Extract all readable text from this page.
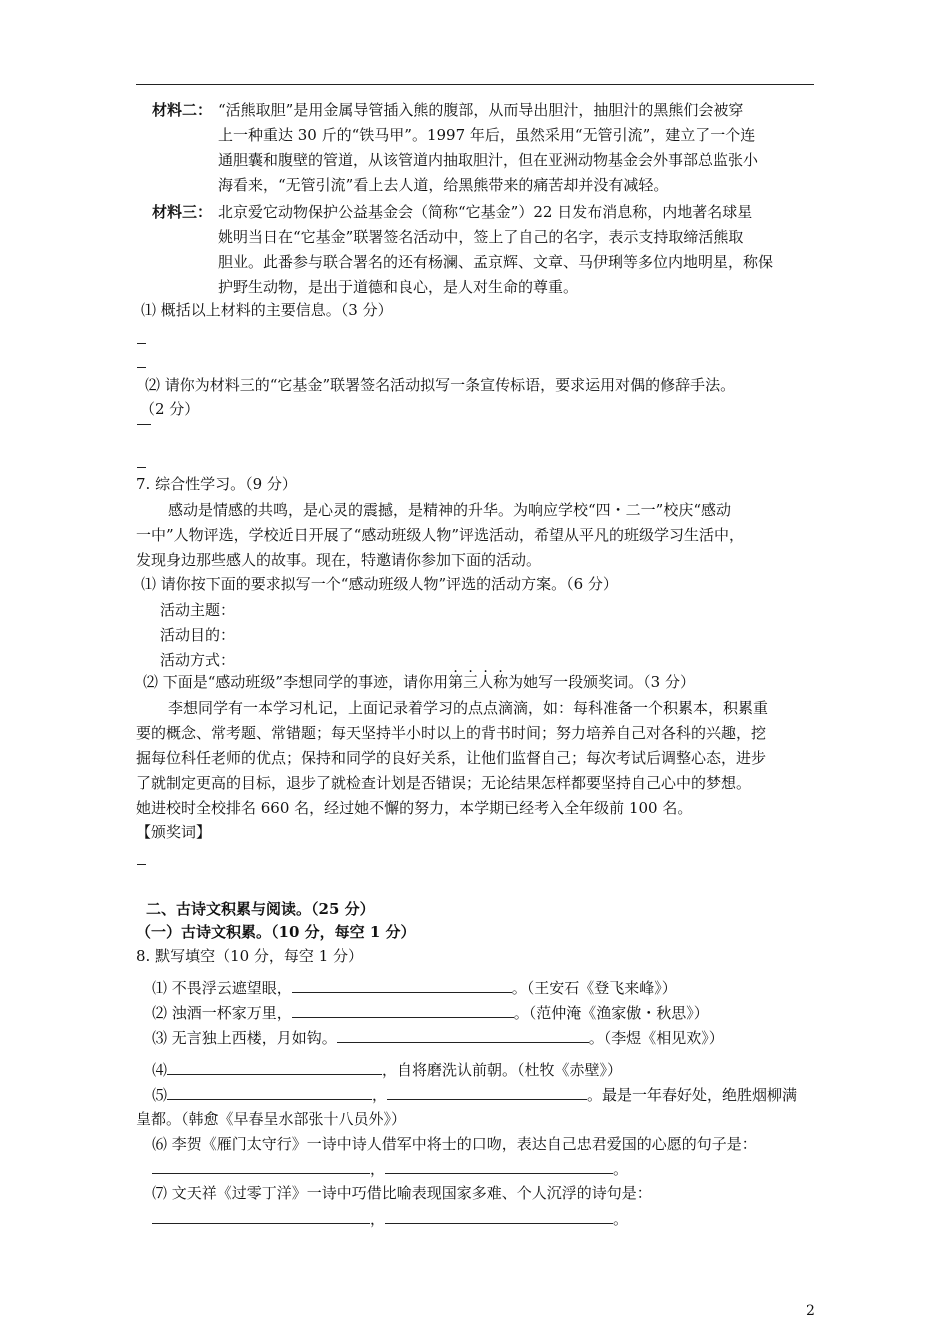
材料二： “活熊取胆”是用金属导管插入熊的腹部，从而导出胆汁，抽胆汁的黑熊们会被穿
上一种重达 30 斤的“铁马甲”。1997 年后，虽然采用“无管引流”，建立了一个连
通胆囊和腹壁的管道，从该管道内抽取胆汁，但在亚洲动物基金会外事部总监张小
海看来，“无管引流”看上去人道，给黑熊带来的痛苦却并没有减轻。
材料三： 北京爱它动物保护公益基金会（简称“它基金”）22 日发布消息称，内地著名球星
姚明当日在“它基金”联署签名活动中，签上了自己的名字，表示支持取缔活熊取
胆业。此番参与联合署名的还有杨澜、孟京辉、文章、马伊琍等多位内地明星，称保
护野生动物，是出于道德和良心，是人对生命的尊重。
⑴ 概括以上材料的主要信息。（3 分）
⑵ 请你为材料三的“它基金”联署签名活动拟写一条宣传标语，要求运用对偶的修辞手法。
（2 分）
7. 综合性学习。（9 分）
感动是情感的共鸣，是心灵的震撼，是精神的升华。为响应学校“四・二一”校庆“感动
一中”人物评选，学校近日开展了“感动班级人物”评选活动，希望从平凡的班级学习生活中，
发现身边那些感人的故事。现在，特邀请你参加下面的活动。
⑴ 请你按下面的要求拟写一个“感动班级人物”评选的活动方案。（6 分）
活动主题：
活动目的：
活动方式：
⑵ 下面是“感动班级”李想同学的事迹，请你用
第三人称为她写一段颁奖词。（3 分）
李想同学有一本学习札记，上面记录着学习的点点滴滴，如：每科准备一个积累本，积累重
要的概念、常考题、常错题；每天坚持半小时以上的背书时间；努力培养自己对各科的兴趣，挖
掘每位科任老师的优点；保持和同学的良好关系，让他们监督自己；每次考试后调整心态，进步
了就制定更高的目标，退步了就检查计划是否错误；无论结果怎样都要坚持自己心中的梦想。
她进校时全校排名 660 名，经过她不懈的努力，本学期已经考入全年级前 100 名。
【颁奖词】
二、古诗文积累与阅读。（25 分）
（一）古诗文积累。（10 分，每空 1 分）
8. 默写填空（10 分，每空 1 分）
⑴ 不畏浮云遮望眼，	。（王安石《登飞来峰》）
⑵ 浊酒一杯家万里，	。（范仲淹《渔家傲・秋思》）
⑶ 无言独上西楼，月如钩。	。（李煜《相见欢》）
⑷	，自将磨洗认前朝。（杜牧《赤壁》）
⑸	，	。最是一年春好处，绝胜烟柳满
皇都。（韩愈《早春呈水部张十八员外》）
⑹ 李贺《雁门太守行》一诗中诗人借军中将士的口吻，表达自己忠君爱国的心愿的句子是：
，	。
⑺ 文天祥《过零丁洋》一诗中巧借比喻表现国家多难、个人沉浮的诗句是：
，	。
2
